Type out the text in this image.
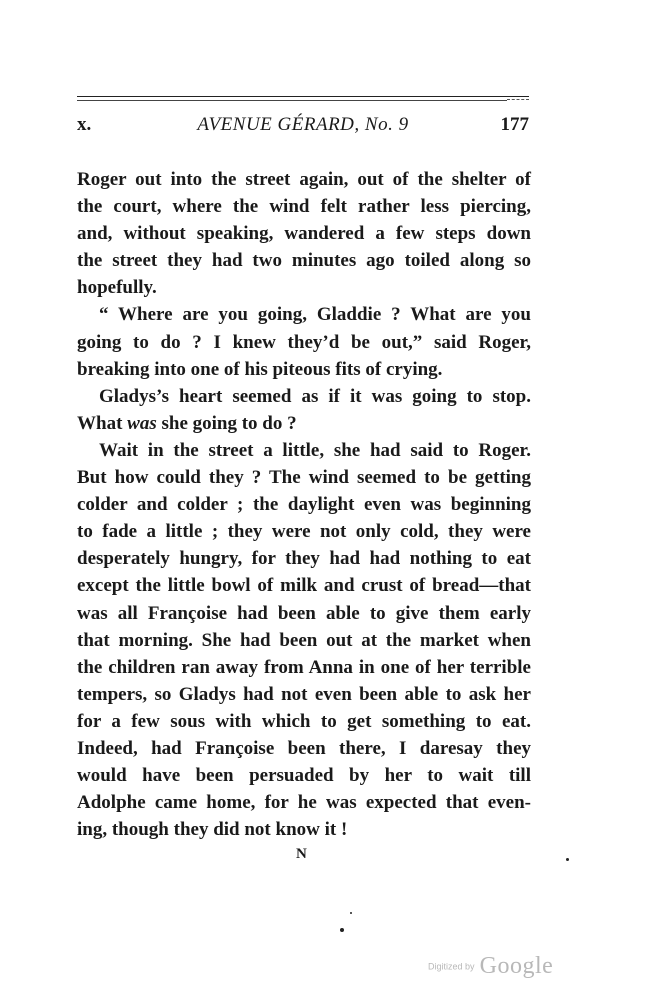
x.	AVENUE GÉRARD, No. 9	177
Roger out into the street again, out of the shelter of
the court, where the wind felt rather less piercing,
and, without speaking, wandered a few steps down
the street they had two minutes ago toiled along so
hopefully.
“ Where are you going, Gladdie ? What are you
going to do ? I knew they’d be out,” said Roger,
breaking into one of his piteous fits of crying.
Gladys’s heart seemed as if it was going to stop.
What was she going to do ?
Wait in the street a little, she had said to Roger.
But how could they ? The wind seemed to be getting
colder and colder ; the daylight even was beginning
to fade a little ; they were not only cold, they were
desperately hungry, for they had had nothing to eat
except the little bowl of milk and crust of bread—that
was all Françoise had been able to give them early
that morning. She had been out at the market when
the children ran away from Anna in one of her terrible
tempers, so Gladys had not even been able to ask her
for a few sous with which to get something to eat.
Indeed, had Françoise been there, I daresay they
would have been persuaded by her to wait till
Adolphe came home, for he was expected that even-
ing, though they did not know it !
N
Digitized by Google
